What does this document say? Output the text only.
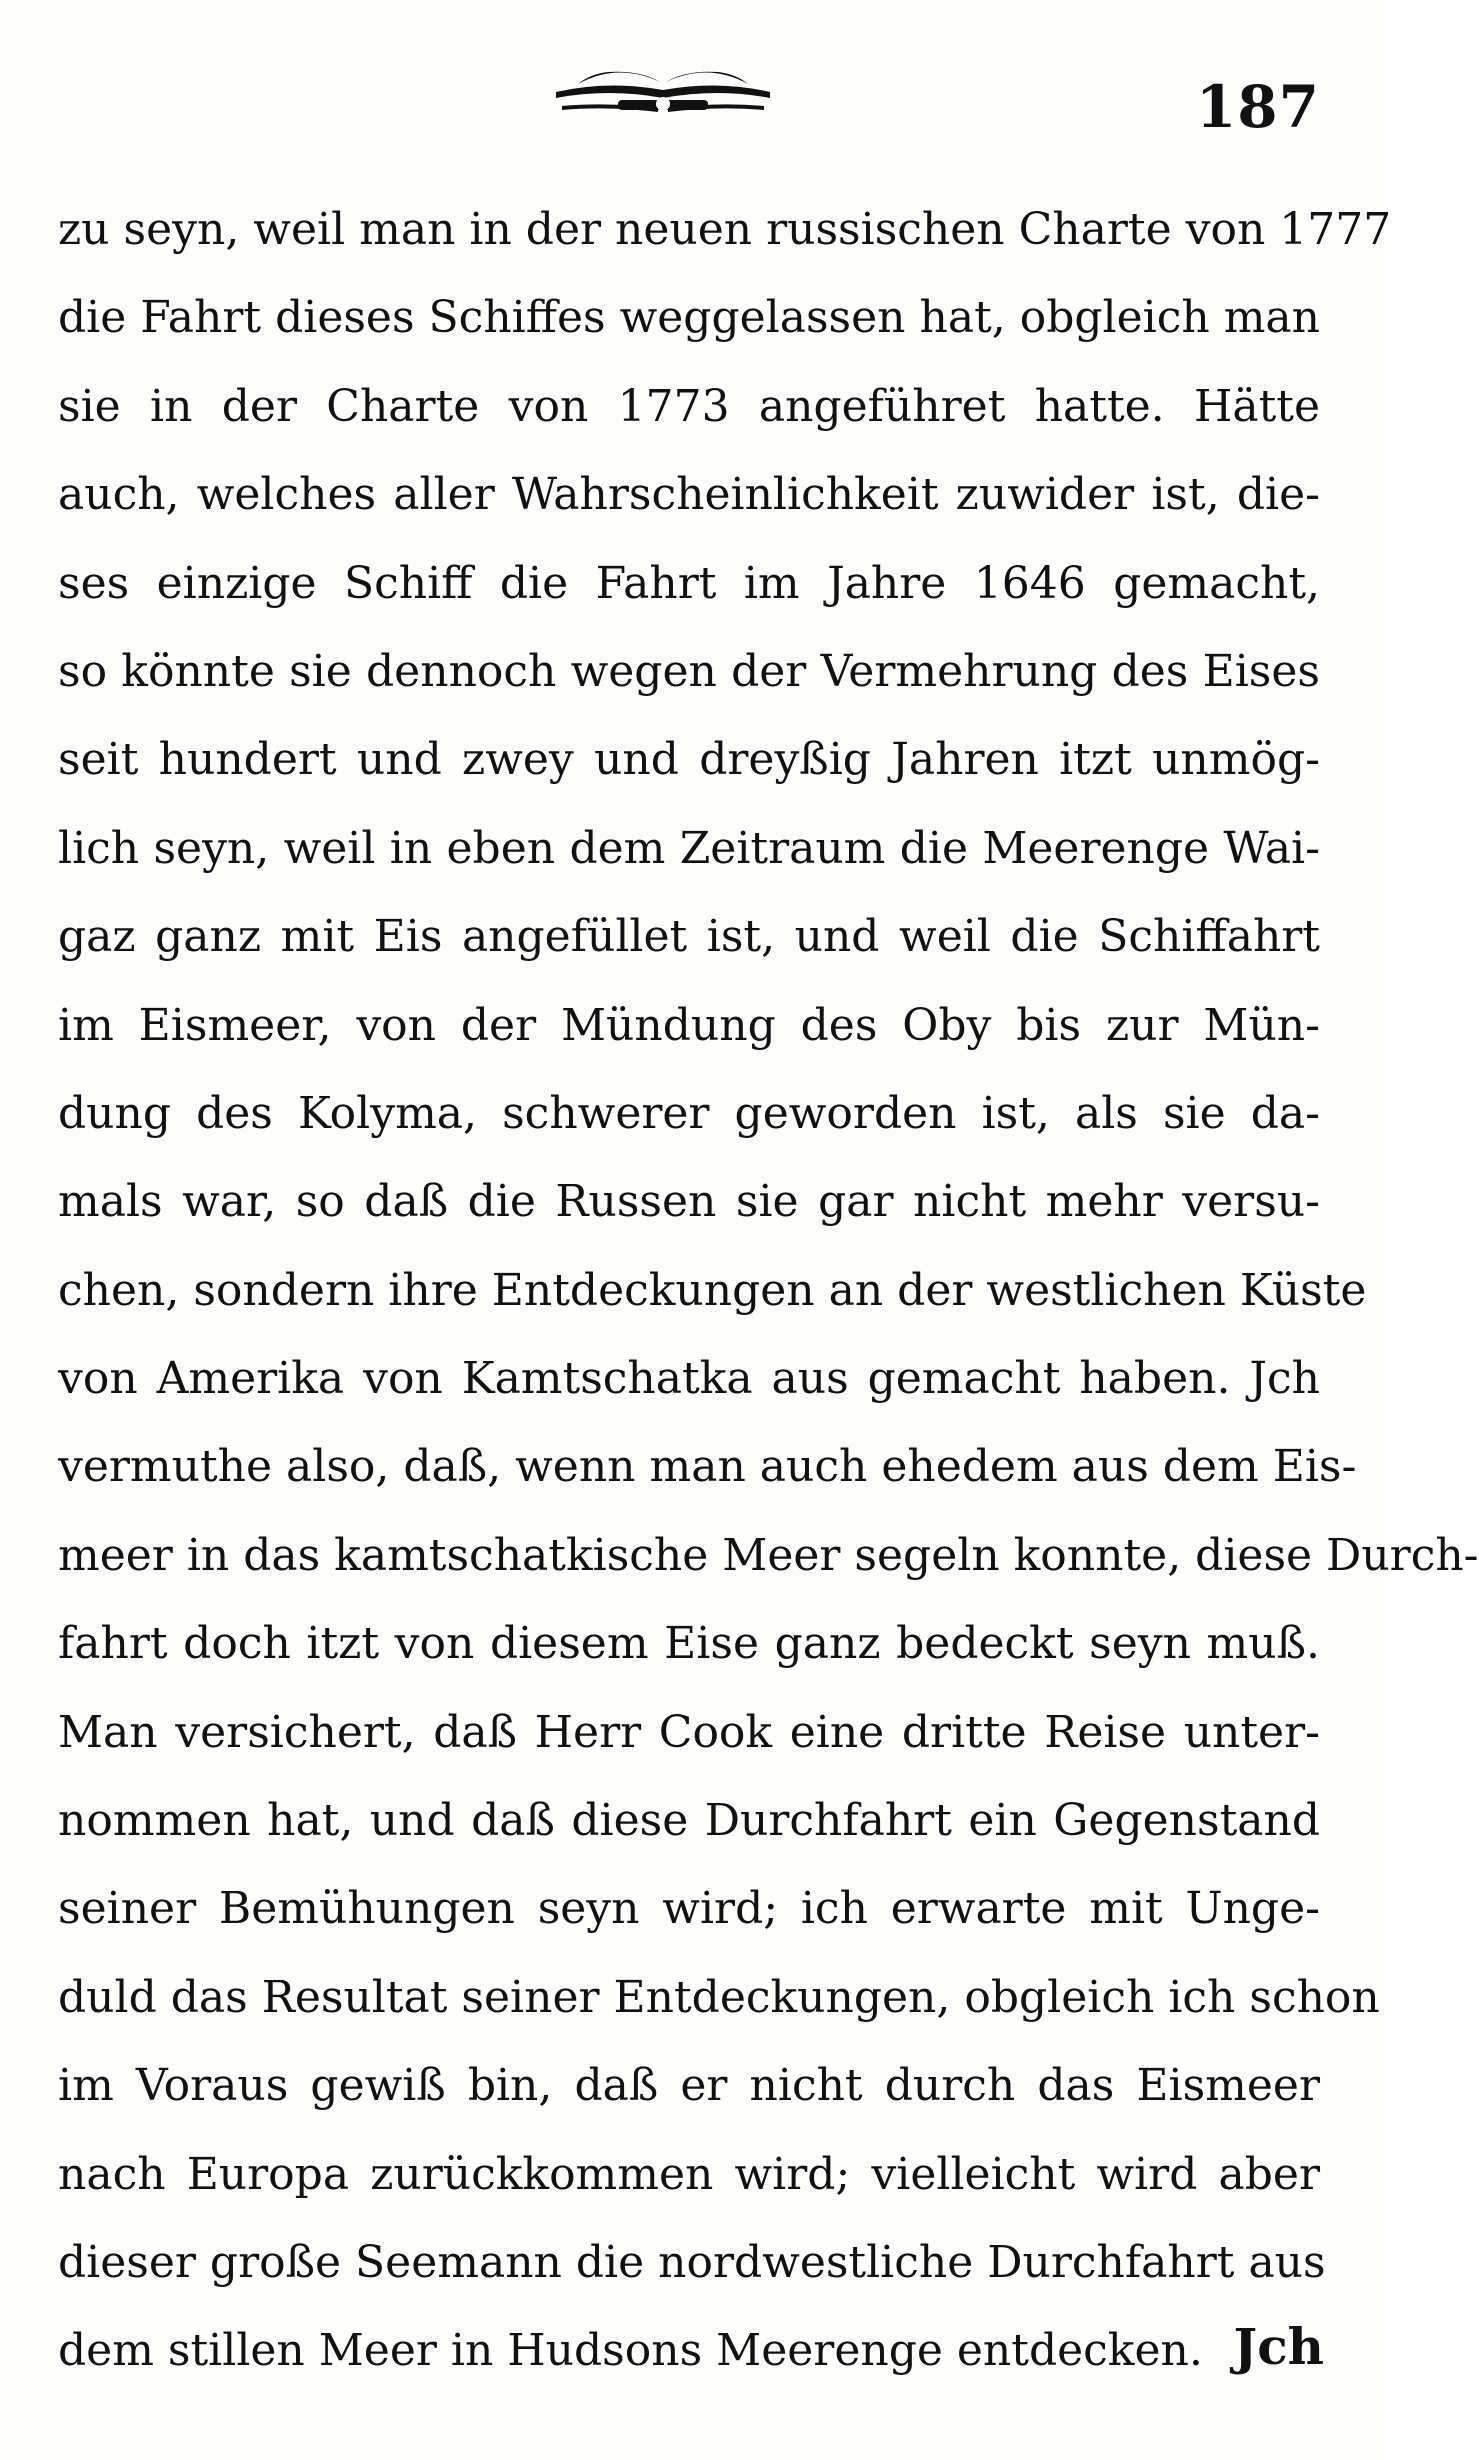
187
zu seyn, weil man in der neuen russischen Charte von 1777
die Fahrt dieses Schiffes weggelassen hat, obgleich man
sie in der Charte von 1773 angeführet hatte. Hätte
auch, welches aller Wahrscheinlichkeit zuwider ist, die-
ses einzige Schiff die Fahrt im Jahre 1646 gemacht,
so könnte sie dennoch wegen der Vermehrung des Eises
seit hundert und zwey und dreyßig Jahren itzt unmög-
lich seyn, weil in eben dem Zeitraum die Meerenge Wai-
gaz ganz mit Eis angefüllet ist, und weil die Schiffahrt
im Eismeer, von der Mündung des Oby bis zur Mün-
dung des Kolyma, schwerer geworden ist, als sie da-
mals war, so daß die Russen sie gar nicht mehr versu-
chen, sondern ihre Entdeckungen an der westlichen Küste
von Amerika von Kamtschatka aus gemacht haben. Jch
vermuthe also, daß, wenn man auch ehedem aus dem Eis-
meer in das kamtschatkische Meer segeln konnte, diese Durch-
fahrt doch itzt von diesem Eise ganz bedeckt seyn muß.
Man versichert, daß Herr Cook eine dritte Reise unter-
nommen hat, und daß diese Durchfahrt ein Gegenstand
seiner Bemühungen seyn wird; ich erwarte mit Unge-
duld das Resultat seiner Entdeckungen, obgleich ich schon
im Voraus gewiß bin, daß er nicht durch das Eismeer
nach Europa zurückkommen wird; vielleicht wird aber
dieser große Seemann die nordwestliche Durchfahrt aus
dem stillen Meer in Hudsons Meerenge entdecken. Jch
